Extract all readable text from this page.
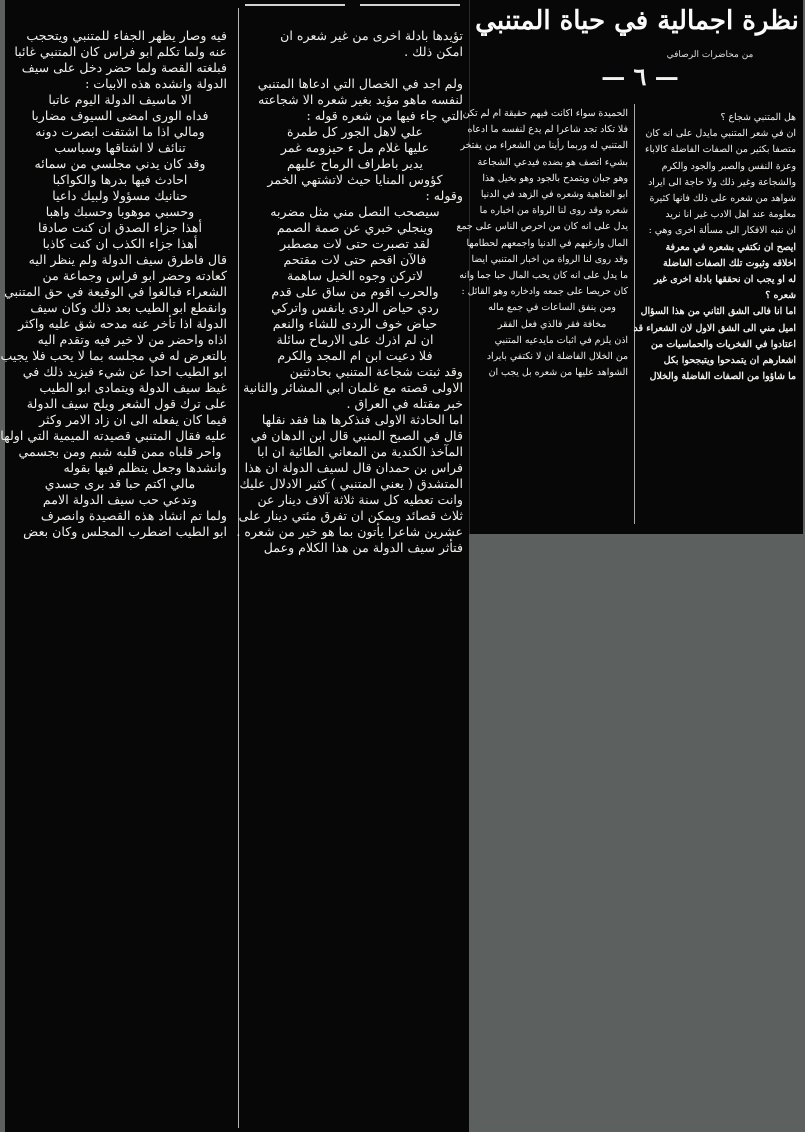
تؤيدها بادلة اخرى من غير شعره ان

امكن ذلك .

ولم اجد في الخصال التي ادعاها المتنبي

لنفسه ماهو مؤيد بغير شعره الا شجاعته

التي جاء فيها من شعره قوله :

علي لاهل الجور كل طمرة

عليها غلام مل ء حيزومه غمر

يدير باطراف الرماح عليهم

كؤوس المنايا حيث لاتشتهي الخمر

وقوله :

سيصحب النصل مني مثل مضربه

وينجلي خبري عن صمة الصمم

لقد تصبرت حتى لات مصطبر

فالآن اقحم حتى لات مقتحم

لاتركن وجوه الخيل ساهمة

والحرب اقوم من ساق على قدم

ردي حياض الردى يانفس واتركي

حياض خوف الردى للشاء والنعم

ان لم اذرك على الارماح سائلة

فلا دعيت ابن ام المجد والكرم

وقد ثبتت شجاعة المتنبي بحادثتين

الاولى قصته مع غلمان ابي المشائر والثانية

خبر مقتله في العراق .

اما الحادثة الاولى فنذكرها هنا فقد نقلها

قال في الصبح المنبي قال ابن الدهان في

المآخذ الكندية من المعاني الطائية ان ابا

فراس بن حمدان قال لسيف الدولة ان هذا

المتشدق ( يعني المتنبي ) كثير الادلال عليك

وانت تعطيه كل سنة ثلاثة آلاف دينار عن

ثلاث قصائد ويمكن ان تفرق مئتي دينار على

عشرين شاعرا يأتون بما هو خير من شعره .

فتأثر سيف الدولة من هذا الكلام وعمل

فيه وصار يظهر الجفاء للمتنبي ويتحجب

عنه ولما تكلم ابو فراس كان المتنبي غائبا

فبلغته القصة ولما حضر دخل على سيف

الدولة وانشده هذه الابيات :

الا ماسيف الدولة اليوم عاتبا

فداه الورى امضى السيوف مضاربا

ومالي اذا ما اشتقت ابصرت دونه

تنائف لا اشتاقها وسباسب

وقد كان يدني مجلسي من سمائه

احادث فيها بدرها والكواكبا

حنانيك مسؤولا ولبيك داعيا

وحسبي موهوبا وحسبك واهبا

أهذا جزاء الصدق ان كنت صادقا

أهذا جزاء الكذب ان كنت كاذبا

قال فاطرق سيف الدولة ولم ينظر اليه

كعادته وحضر ابو فراس وجماعة من

الشعراء فبالغوا في الوقيعة في حق المتنبي

وانقطع ابو الطيب بعد ذلك وكان سيف

الدولة اذا تأخر عنه مدحه شق عليه واكثر

اذاه واحضر من لا خير فيه وتقدم اليه

بالتعرض له في مجلسه بما لا يحب فلا يجيب

ابو الطيب احدا عن شيء فيزيد ذلك في

غيظ سيف الدولة ويتمادى ابو الطيب

على ترك قول الشعر ويلح سيف الدولة

فيما كان يفعله الى ان زاد الامر وكثر

عليه فقال المتنبي قصيدته الميمية التي اولها

واحر قلباه ممن قلبه شبم ومن بجسمي

وانشدها وجعل يتظلم فيها بقوله

مالي اكتم حبا قد برى جسدي

وتدعي حب سيف الدولة الامم

ولما تم انشاد هذه القصيدة وانصرف

ابو الطيب اضطرب المجلس وكان بعض

نظرة اجمالية في حياة المتنبي

من محاضرات الرصافي

— ٦ —

هل المتنبي شجاع ؟

ان في شعر المتنبي مايدل على انه كان

متصفا بكثير من الصفات الفاضلة كالاباء

وعزة النفس والصبر والجود والكرم

والشجاعة وغير ذلك ولا حاجة الى ايراد

شواهد من شعره على ذلك فانها كثيرة

معلومة عند اهل الادب غير انا نريد

ان ننبه الافكار الى مسألة اخرى وهي :

ايصح ان نكتفي بشعره في معرفة

اخلاقه وثبوت تلك الصفات الفاضلة

له او يجب ان نحققها بادلة اخرى غير

شعره ؟

اما انا فالى الشق الثاني من هذا السؤال

اميل مني الى الشق الاول لان الشعراء قد

اعتادوا في الفخريات والحماسيات من

اشعارهم ان يتمدحوا ويتبجحوا بكل

ما شاؤوا من الصفات الفاضلة والخلال

الحميدة سواء اكانت فيهم حقيقة ام لم تكن

فلا تكاد تجد شاعرا لم يدع لنفسه ما ادعاه

المتنبي له وربما رأينا من الشعراء من يفتخر

بشيء اتصف هو بضده فيدعي الشجاعة

وهو جبان ويتمدح بالجود وهو بخيل هذا

ابو العتاهية وشعره في الزهد في الدنيا

شعره وقد روى لنا الرواة من اخباره ما

يدل على انه كان من احرص الناس على جمع

المال وارغبهم في الدنيا واجمعهم لحطامها

وقد روى لنا الرواة من اخبار المتنبي ايضا

ما يدل على انه كان يحب المال حبا جما وانه

كان حريصا على جمعه وادخاره وهو القائل :

ومن ينفق الساعات في جمع ماله

مخافة فقر فالذي فعل الفقر

اذن يلزم في اثبات مايدعيه المتنبي

من الخلال الفاضلة ان لا نكتفي بايراد

الشواهد عليها من شعره بل يجب ان
